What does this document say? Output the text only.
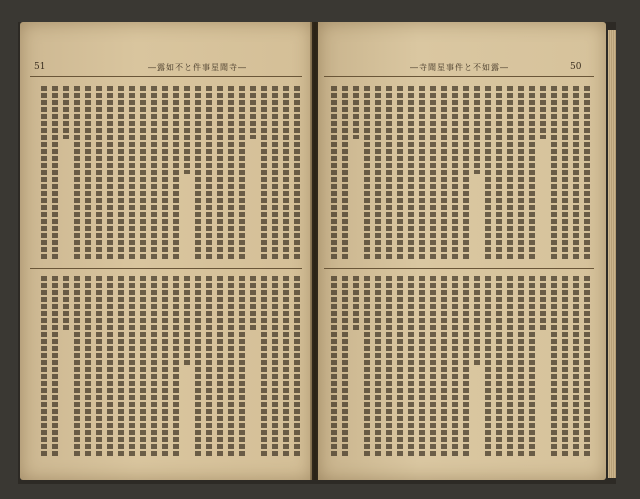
51	―露如不と件事星聞寺―	50
―寺聞星事件と不如露―
